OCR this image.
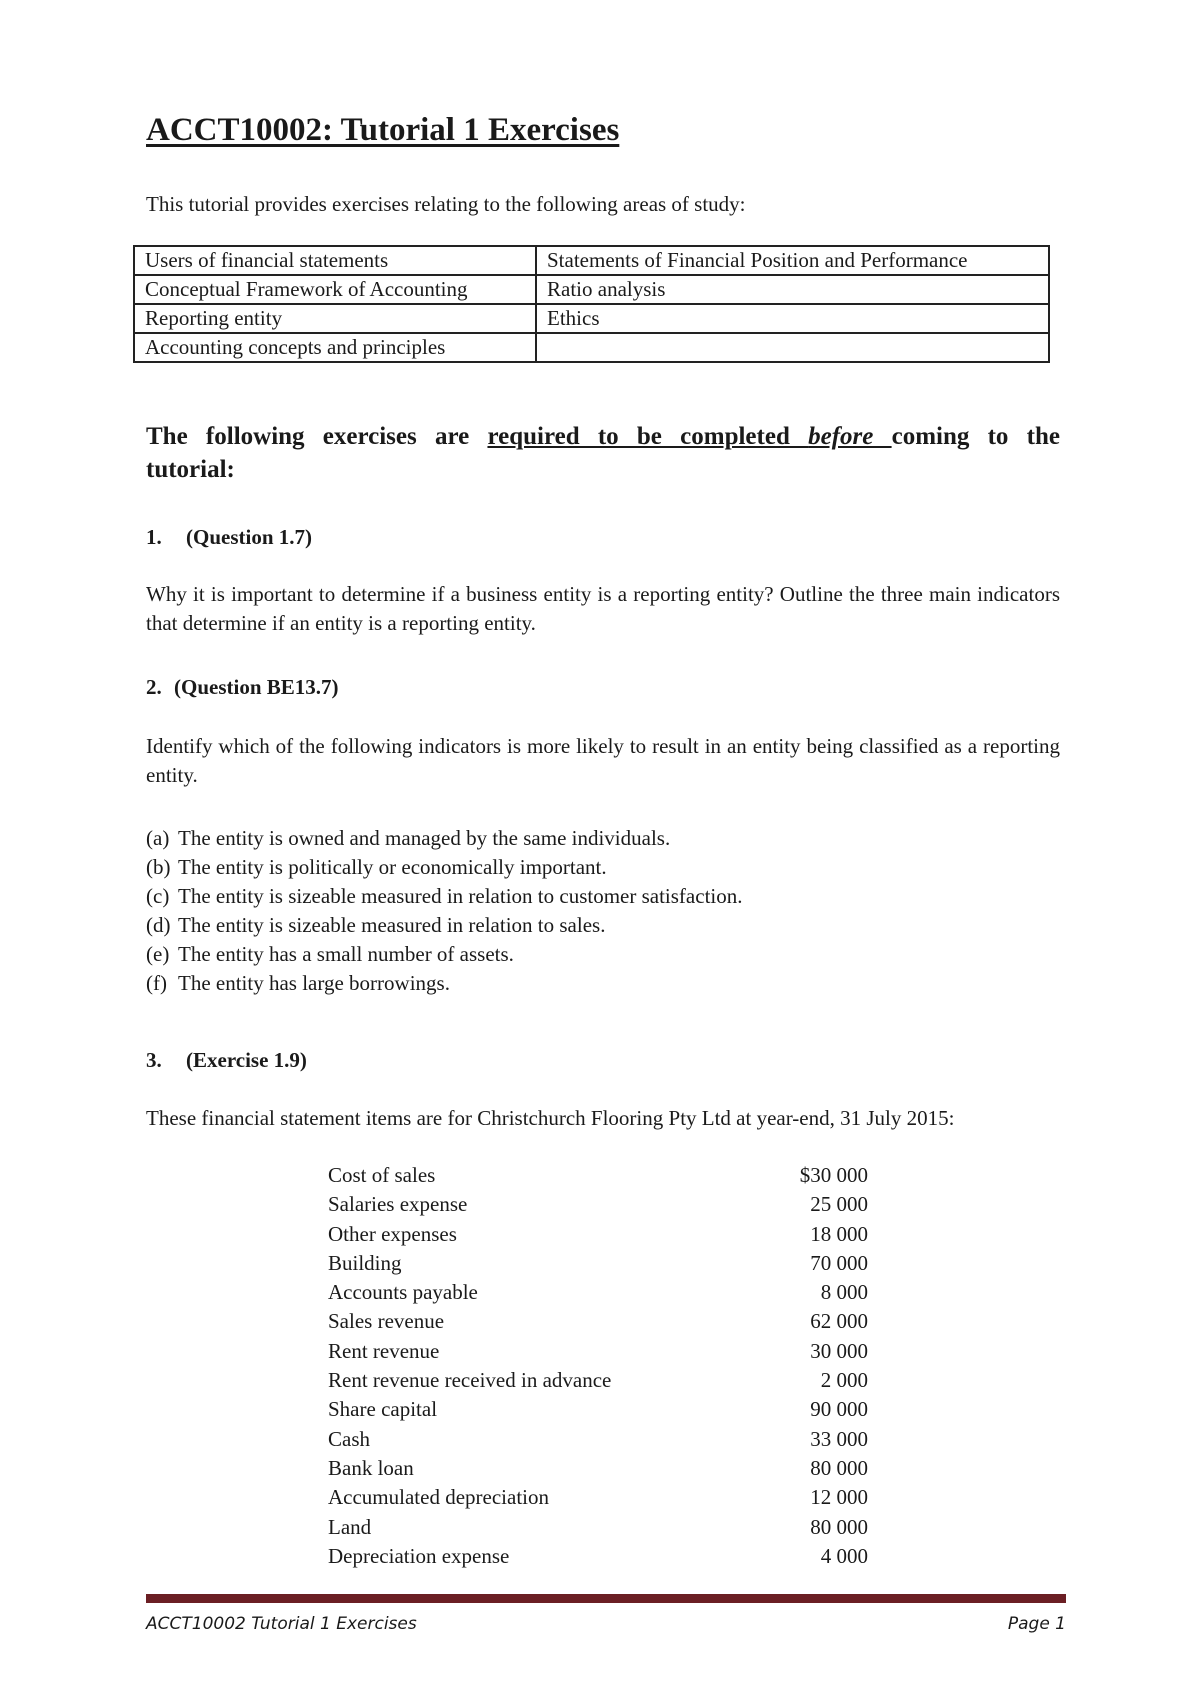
ACCT10002: Tutorial 1 Exercises

This tutorial provides exercises relating to the following areas of study:

Users of financial statements	Statements of Financial Position and Performance
Conceptual Framework of Accounting	Ratio analysis
Reporting entity	Ethics
Accounting concepts and principles	

The following exercises are required to be completed before coming to the

tutorial:

1. (Question 1.7)

Why it is important to determine if a business entity is a reporting entity? Outline the three main indicators that determine if an entity is a reporting entity.

2. (Question BE13.7)

Identify which of the following indicators is more likely to result in an entity being classified as a reporting entity.

(a) The entity is owned and managed by the same individuals.
(b) The entity is politically or economically important.
(c) The entity is sizeable measured in relation to customer satisfaction.
(d) The entity is sizeable measured in relation to sales.
(e) The entity has a small number of assets.
(f) The entity has large borrowings.

3. (Exercise 1.9)

These financial statement items are for Christchurch Flooring Pty Ltd at year-end, 31 July 2015:

Cost of sales	$30 000
Salaries expense	25 000
Other expenses	18 000
Building	70 000
Accounts payable	8 000
Sales revenue	62 000
Rent revenue	30 000
Rent revenue received in advance	2 000
Share capital	90 000
Cash	33 000
Bank loan	80 000
Accumulated depreciation	12 000
Land	80 000
Depreciation expense	4 000
ACCT10002 Tutorial 1 Exercises	Page 1
